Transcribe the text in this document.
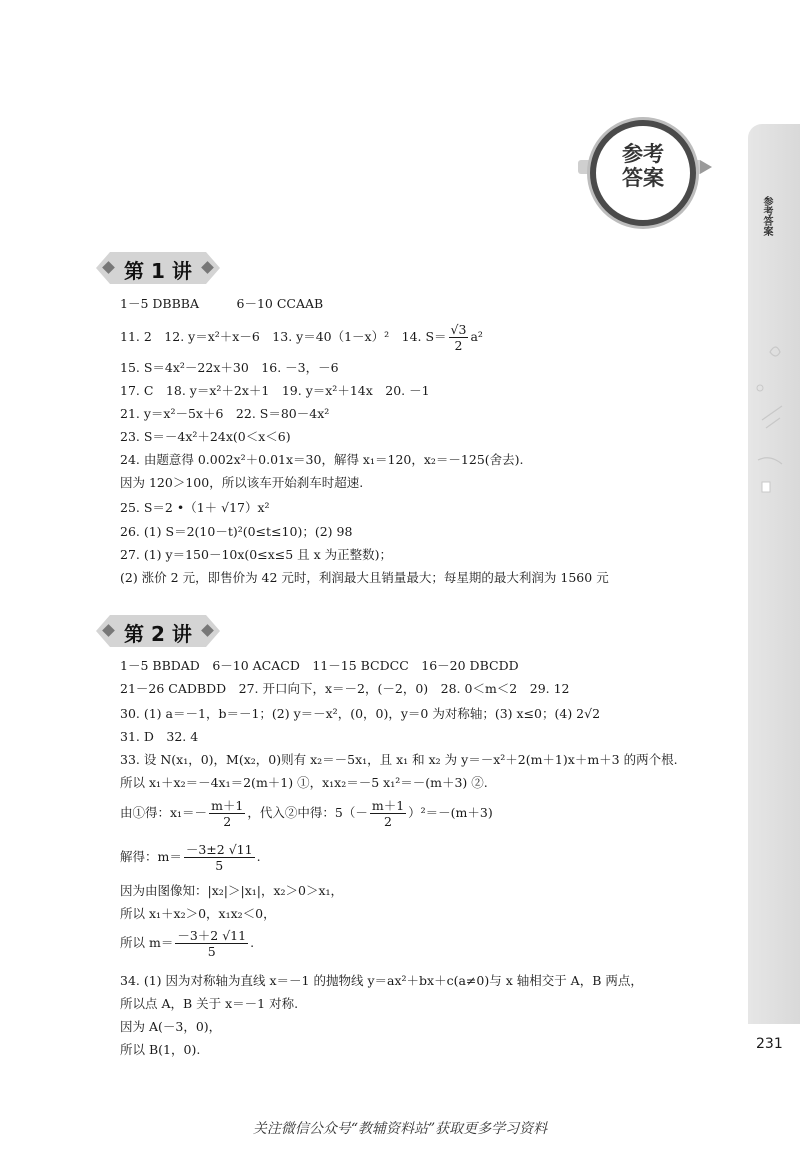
参考答案
参考
答案
第 1 讲
1－5 DBBBA　　　6－10 CCAAB
11. 2　12. y＝x²＋x－6　13. y＝40（1－x）²　14. $S= \frac{√3}{2} a^2$
15. S＝4x²－22x＋30　16. －3，－6
17. C　18. y＝x²＋2x＋1　19. y＝x²＋14x　20. －1
21. y＝x²－5x＋6　22. S＝80－4x²
23. S＝－4x²＋24x(0＜x＜6)
24. 由题意得 0.002x²＋0.01x＝30，解得 x₁＝120，x₂＝－125(舍去).
因为 120＞100，所以该车开始刹车时超速.
25. S＝2 •（1＋ √17）x²
26. (1) S＝2(10－t)²(0≤t≤10)；(2) 98
27. (1) y＝150－10x(0≤x≤5 且 x 为正整数)；
(2) 涨价 2 元，即售价为 42 元时，利润最大且销量最大；每星期的最大利润为 1560 元
第 2 讲
1－5 BBDAD　6－10 ACACD　11－15 BCDCC　16－20 DBCDD
21－26 CADBDD　27. 开口向下，x＝－2，(－2，0)　28. 0＜m＜2　29. 12
30. (1) a＝－1，b＝－1；(2) y＝－x²，(0，0)，y＝0 为对称轴；(3) x≤0；(4) 2√2
31. D　32. 4
33. 设 N(x₁，0)，M(x₂，0)则有 x₂＝－5x₁，且 x₁ 和 x₂ 为 y＝－x²＋2(m＋1)x＋m＋3 的两个根.
所以 x₁＋x₂＝－4x₁＝2(m＋1) ①，x₁x₂＝－5 x₁²＝－(m＋3) ②.
由①得：$x_1=- \frac{m+1}{2}$ ，代入②中得：$5(- \frac{m+1}{2} )^2=-(m+3)$
解得：$m= \frac{-3\pm 2 √11}{5}$ .
因为由图像知：|x₂|＞|x₁|，x₂＞0＞x₁，
所以 x₁＋x₂＞0，x₁x₂＜0，
所以 $m= \frac{-3+2 √11}{5}$ .
34. (1) 因为对称轴为直线 x＝－1 的抛物线 y＝ax²＋bx＋c(a≠0)与 x 轴相交于 A，B 两点，
所以点 A，B 关于 x＝－1 对称.
因为 A(－3，0)，
所以 B(1，0).	231
关注微信公众号“教辅资料站”获取更多学习资料
